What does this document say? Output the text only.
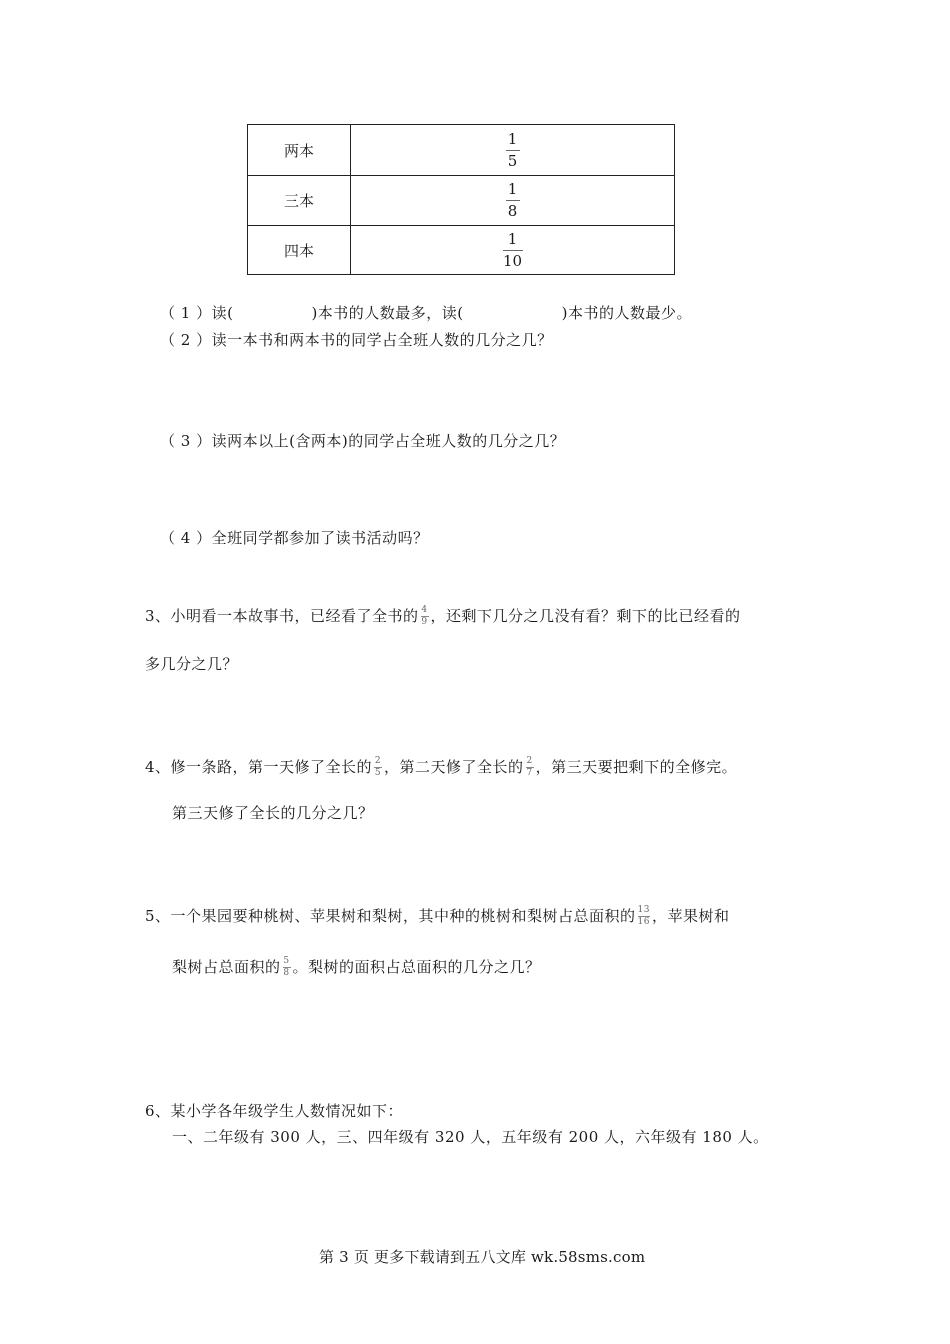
两本	$\frac{1}{5}$
三本	$\frac{1}{8}$
四本	$\frac{1}{10}$
（ 1 ）读(	)本书的人数最多，读(	)本书的人数最少。
（ 2 ）读一本书和两本书的同学占全班人数的几分之几？
（ 3 ）读两本以上(含两本)的同学占全班人数的几分之几？
（ 4 ）全班同学都参加了读书活动吗？
3、小明看一本故事书，已经看了全书的 $\frac{4}{9}$ ，还剩下几分之几没有看？剩下的比已经看的
多几分之几？
4、修一条路，第一天修了全长的 $\frac{2}{5}$ ，第二天修了全长的 $\frac{2}{7}$ ，第三天要把剩下的全修完。
第三天修了全长的几分之几？
5、一个果园要种桃树、苹果树和梨树，其中种的桃树和梨树占总面积的 $\frac{13}{16}$ ，苹果树和
梨树占总面积的 $\frac{5}{8}$ 。梨树的面积占总面积的几分之几？
6、某小学各年级学生人数情况如下：
一、二年级有 300 人，三、四年级有 320 人，五年级有 200 人，六年级有 180 人。
第 3 页 更多下载请到五八文库 wk.58sms.com
